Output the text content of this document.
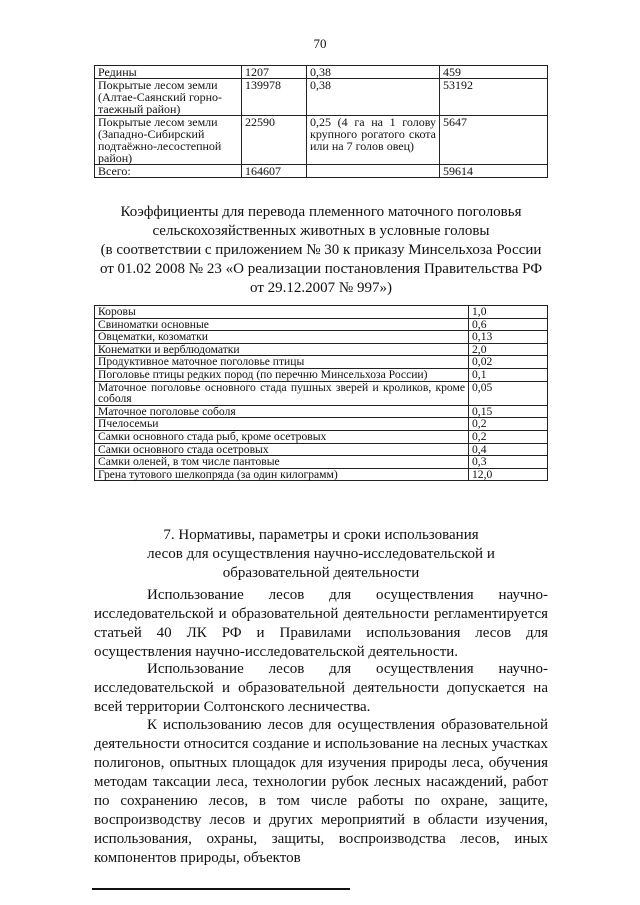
70
Редины	1207	0,38	459
Покрытые лесом земли (Алтае-Саянский горно-таежный район)	139978	0,38	53192
Покрытые лесом земли (Западно-Сибирский подтаёжно-лесостепной район)	22590	0,25 (4 га на 1 голову крупного рогатого скота или на 7 голов овец)	5647
Всего:	164607		59614
Коэффициенты для перевода племенного маточного поголовья
сельскохозяйственных животных в условные головы
(в соответствии с приложением № 30 к приказу Минсельхоза России
от 01.02 2008 № 23 «О реализации постановления Правительства РФ
от 29.12.2007 № 997»)
Коровы	1,0
Свиноматки основные	0,6
Овцематки, козоматки	0,13
Конематки и верблюдоматки	2,0
Продуктивное маточное поголовье птицы	0,02
Поголовье птицы редких пород (по перечню Минсельхоза России)	0,1
Маточное поголовье основного стада пушных зверей и кроликов, кроме соболя	0,05
Маточное поголовье соболя	0,15
Пчелосемьи	0,2
Самки основного стада рыб, кроме осетровых	0,2
Самки основного стада осетровых	0,4
Самки оленей, в том числе пантовые	0,3
Грена тутового шелкопряда (за один килограмм)	12,0
7. Нормативы, параметры и сроки использования
лесов для осуществления научно-исследовательской и
образовательной деятельности

Использование лесов для осуществления научно-исследовательской и образовательной деятельности регламентируется статьей 40 ЛК РФ и Правилами использования лесов для осуществления научно-исследовательской деятельности.

Использование лесов для осуществления научно-исследовательской и образовательной деятельности допускается на всей территории Солтонского лесничества.

К использованию лесов для осуществления образовательной деятельности относится создание и использование на лесных участках полигонов, опытных площадок для изучения природы леса, обучения методам таксации леса, технологии рубок лесных насаждений, работ по сохранению лесов, в том числе работы по охране, защите, воспроизводству лесов и других мероприятий в области изучения, использования, охраны, защиты, воспроизводства лесов, иных компонентов природы, объектов
